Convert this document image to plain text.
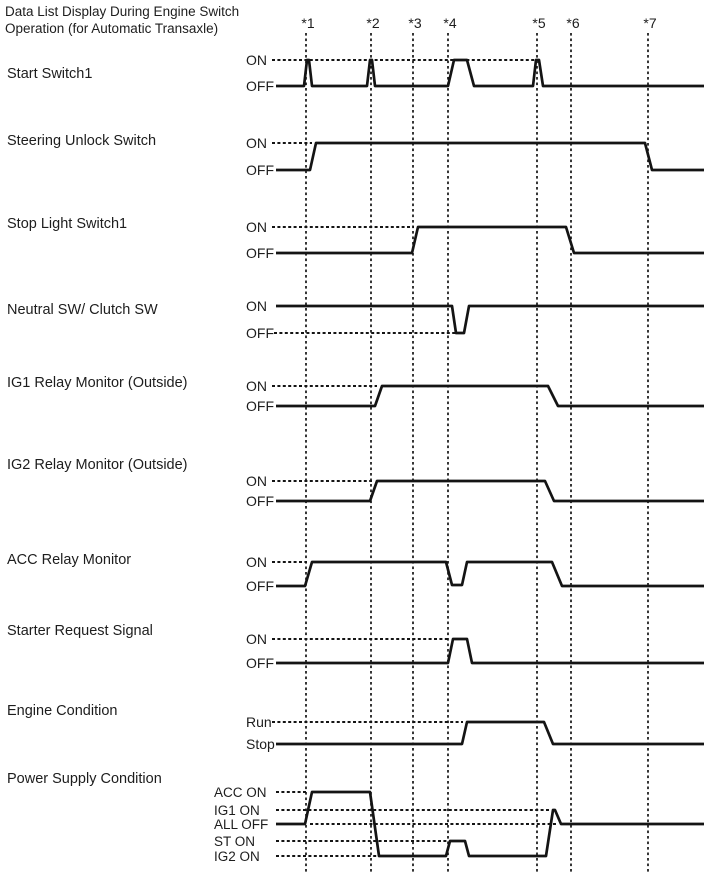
Data List Display During Engine Switch
Operation (for Automatic Transaxle)	*1	*2 *3 *4	*5 *6	*7
Start Switch1
ON
OFF
Steering Unlock Switch	ON
OFF
Stop Light Switch1	ON
OFF
Neutral SW/ Clutch SW	ON
OFF
IG1 Relay Monitor (Outside)	ON
OFF
IG2 Relay Monitor (Outside)
ON
OFF
ACC Relay Monitor	ON
OFF
Starter Request Signal	ON
OFF
Engine Condition
Run
Stop
Power Supply Condition
ACC ON
IG1 ON
ALL OFF
ST ON
IG2 ON
